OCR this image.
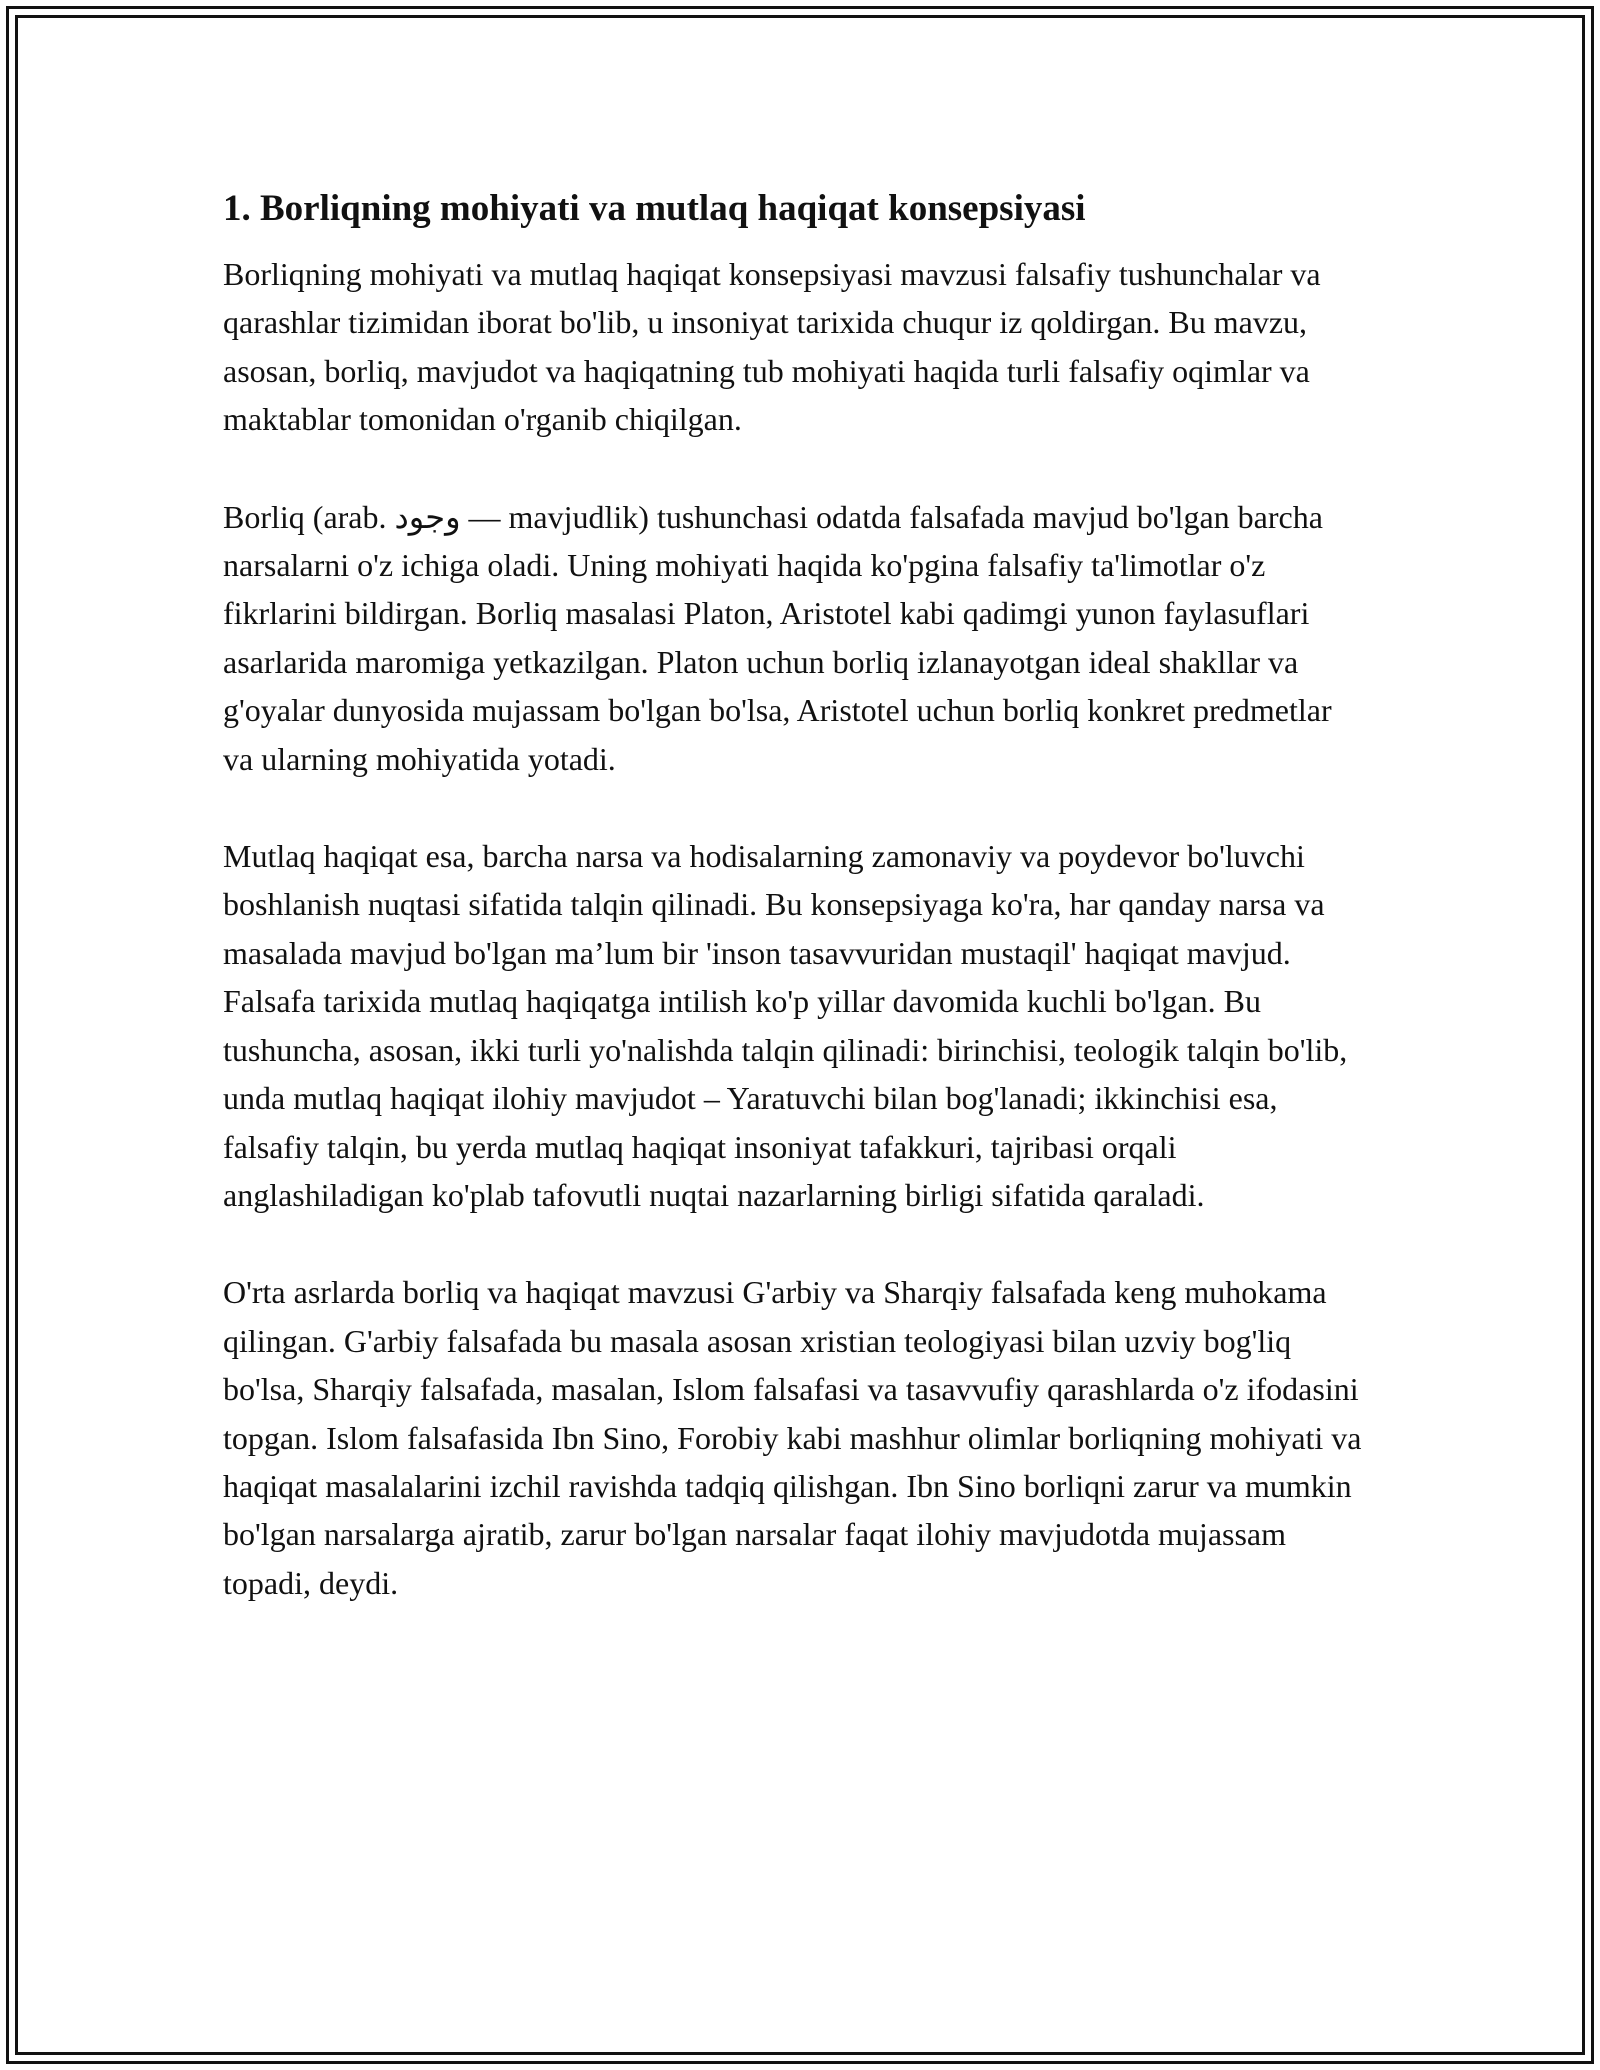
1. Borliqning mohiyati va mutlaq haqiqat konsepsiyasi

Borliqning mohiyati va mutlaq haqiqat konsepsiyasi mavzusi falsafiy tushunchalar va qarashlar tizimidan iborat bo'lib, u insoniyat tarixida chuqur iz qoldirgan. Bu mavzu, asosan, borliq, mavjudot va haqiqatning tub mohiyati haqida turli falsafiy oqimlar va maktablar tomonidan o'rganib chiqilgan.

Borliq (arab. وجود — mavjudlik) tushunchasi odatda falsafada mavjud bo'lgan barcha narsalarni o'z ichiga oladi. Uning mohiyati haqida ko'pgina falsafiy ta'limotlar o'z fikrlarini bildirgan. Borliq masalasi Platon, Aristotel kabi qadimgi yunon faylasuflari asarlarida maromiga yetkazilgan. Platon uchun borliq izlanayotgan ideal shakllar va g'oyalar dunyosida mujassam bo'lgan bo'lsa, Aristotel uchun borliq konkret predmetlar va ularning mohiyatida yotadi.

Mutlaq haqiqat esa, barcha narsa va hodisalarning zamonaviy va poydevor bo'luvchi boshlanish nuqtasi sifatida talqin qilinadi. Bu konsepsiyaga ko'ra, har qanday narsa va masalada mavjud bo'lgan ma’lum bir 'inson tasavvuridan mustaqil' haqiqat mavjud. Falsafa tarixida mutlaq haqiqatga intilish ko'p yillar davomida kuchli bo'lgan. Bu tushuncha, asosan, ikki turli yo'nalishda talqin qilinadi: birinchisi, teologik talqin bo'lib, unda mutlaq haqiqat ilohiy mavjudot – Yaratuvchi bilan bog'lanadi; ikkinchisi esa, falsafiy talqin, bu yerda mutlaq haqiqat insoniyat tafakkuri, tajribasi orqali anglashiladigan ko'plab tafovutli nuqtai nazarlarning birligi sifatida qaraladi.

O'rta asrlarda borliq va haqiqat mavzusi G'arbiy va Sharqiy falsafada keng muhokama qilingan. G'arbiy falsafada bu masala asosan xristian teologiyasi bilan uzviy bog'liq bo'lsa, Sharqiy falsafada, masalan, Islom falsafasi va tasavvufiy qarashlarda o'z ifodasini topgan. Islom falsafasida Ibn Sino, Forobiy kabi mashhur olimlar borliqning mohiyati va haqiqat masalalarini izchil ravishda tadqiq qilishgan. Ibn Sino borliqni zarur va mumkin bo'lgan narsalarga ajratib, zarur bo'lgan narsalar faqat ilohiy mavjudotda mujassam topadi, deydi.
